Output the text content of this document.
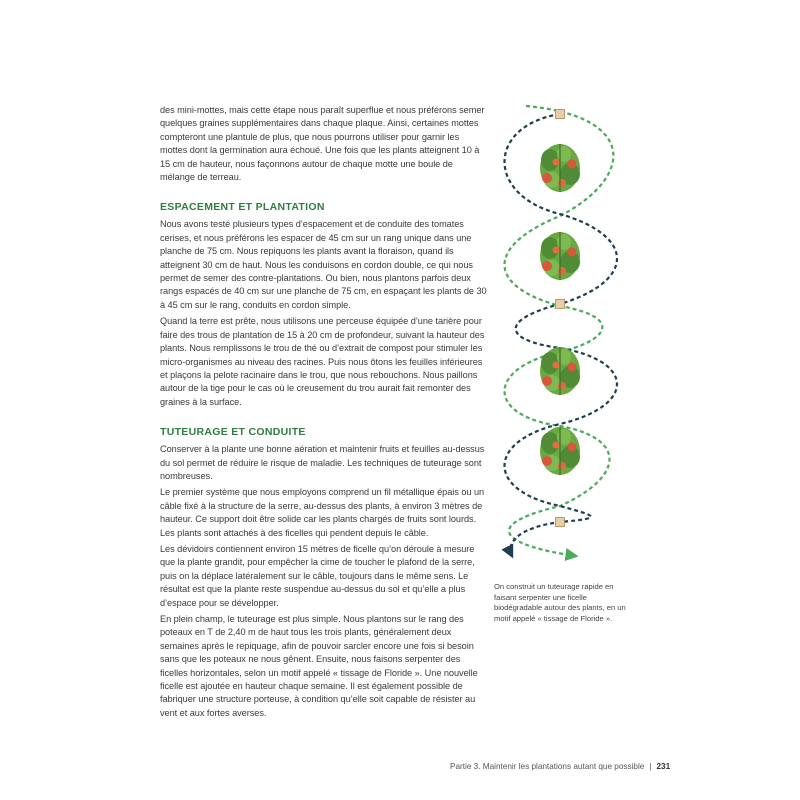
des mini-mottes, mais cette étape nous paraît superflue et nous préférons semer quelques graines supplémentaires dans chaque plaque. Ainsi, certaines mottes compteront une plantule de plus, que nous pourrons utiliser pour garnir les mottes dont la germination aura échoué. Une fois que les plants atteignent 10 à 15 cm de hauteur, nous façonnons autour de chaque motte une boule de mélange de terreau.

ESPACEMENT ET PLANTATION

Nous avons testé plusieurs types d’espacement et de conduite des tomates cerises, et nous préférons les espacer de 45 cm sur un rang unique dans une planche de 75 cm. Nous repiquons les plants avant la floraison, quand ils atteignent 30 cm de haut. Nous les conduisons en cordon double, ce qui nous permet de semer des contre-plantations. Ou bien, nous plantons parfois deux rangs espacés de 40 cm sur une planche de 75 cm, en espaçant les plants de 30 à 45 cm sur le rang, conduits en cordon simple.

Quand la terre est prête, nous utilisons une perceuse équipée d’une tarière pour faire des trous de plantation de 15 à 20 cm de profondeur, suivant la hauteur des plants. Nous remplissons le trou de thé ou d’extrait de compost pour stimuler les micro-organismes au niveau des racines. Puis nous ôtons les feuilles inférieures et plaçons la pelote racinaire dans le trou, que nous rebouchons. Nous paillons autour de la tige pour le cas où le creusement du trou aurait fait remonter des graines à la surface.

TUTEURAGE ET CONDUITE

Conserver à la plante une bonne aération et maintenir fruits et feuilles au-dessus du sol permet de réduire le risque de maladie. Les techniques de tuteurage sont nombreuses.

Le premier système que nous employons comprend un fil métallique épais ou un câble fixé à la structure de la serre, au-dessus des plants, à environ 3 mètres de hauteur. Ce support doit être solide car les plants chargés de fruits sont lourds. Les plants sont attachés à des ficelles qui pendent depuis le câble.

Les dévidoirs contiennent environ 15 mètres de ficelle qu’on déroule à mesure que la plante grandit, pour empêcher la cime de toucher le plafond de la serre, puis on la déplace latéralement sur le câble, toujours dans le même sens. Le résultat est que la plante reste suspendue au-dessus du sol et qu’elle a plus d’espace pour se développer.

En plein champ, le tuteurage est plus simple. Nous plantons sur le rang des poteaux en T de 2,40 m de haut tous les trois plants, généralement deux semaines après le repiquage, afin de pouvoir sarcler encore une fois si besoin sans que les poteaux ne nous gênent. Ensuite, nous faisons serpenter des ficelles horizontales, selon un motif appelé « tissage de Floride ». Une nouvelle ficelle est ajoutée en hauteur chaque semaine. Il est également possible de fabriquer une structure porteuse, à condition qu’elle soit capable de résister au vent et aux fortes averses.

On construit un tuteurage rapide en faisant serpenter une ficelle biodégradable autour des plants, en un motif appelé « tissage de Floride ».
Partie 3. Maintenir les plantations autant que possible | 231
